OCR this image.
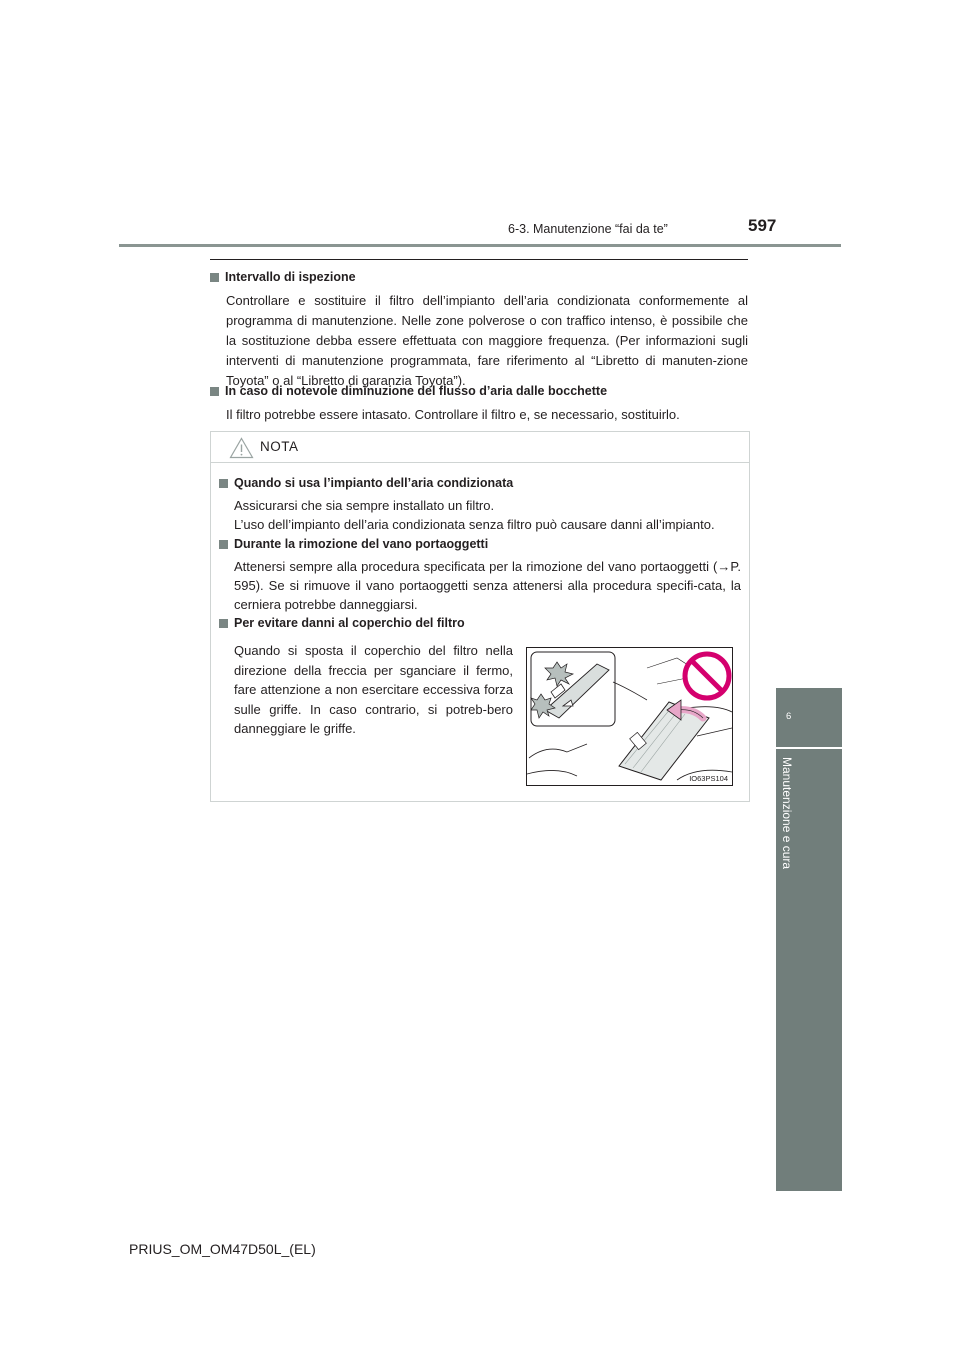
6-3. Manutenzione “fai da te”	597
6
Manutenzione e cura
Intervallo di ispezione
Controllare e sostituire il filtro dell’impianto dell’aria condizionata conformemente al programma di manutenzione. Nelle zone polverose o con traffico intenso, è possibile che la sostituzione debba essere effettuata con maggiore frequenza. (Per informazioni sugli interventi di manutenzione programmata, fare riferimento al “Libretto di manuten-zione Toyota” o al “Libretto di garanzia Toyota”).
In caso di notevole diminuzione del flusso d’aria dalle bocchette
Il filtro potrebbe essere intasato. Controllare il filtro e, se necessario, sostituirlo.
NOTA
Quando si usa l’impianto dell’aria condizionata
Assicurarsi che sia sempre installato un filtro.
L’uso dell’impianto dell’aria condizionata senza filtro può causare danni all’impianto.
Durante la rimozione del vano portaoggetti
Attenersi sempre alla procedura specificata per la rimozione del vano portaoggetti (→P. 595). Se si rimuove il vano portaoggetti senza attenersi alla procedura specifi-cata, la cerniera potrebbe danneggiarsi.
Per evitare danni al coperchio del filtro
Quando si sposta il coperchio del filtro nella direzione della freccia per sganciare il fermo, fare attenzione a non esercitare eccessiva forza sulle griffe. In caso contrario, si potreb-bero danneggiare le griffe.
IO63PS104
PRIUS_OM_OM47D50L_(EL)
